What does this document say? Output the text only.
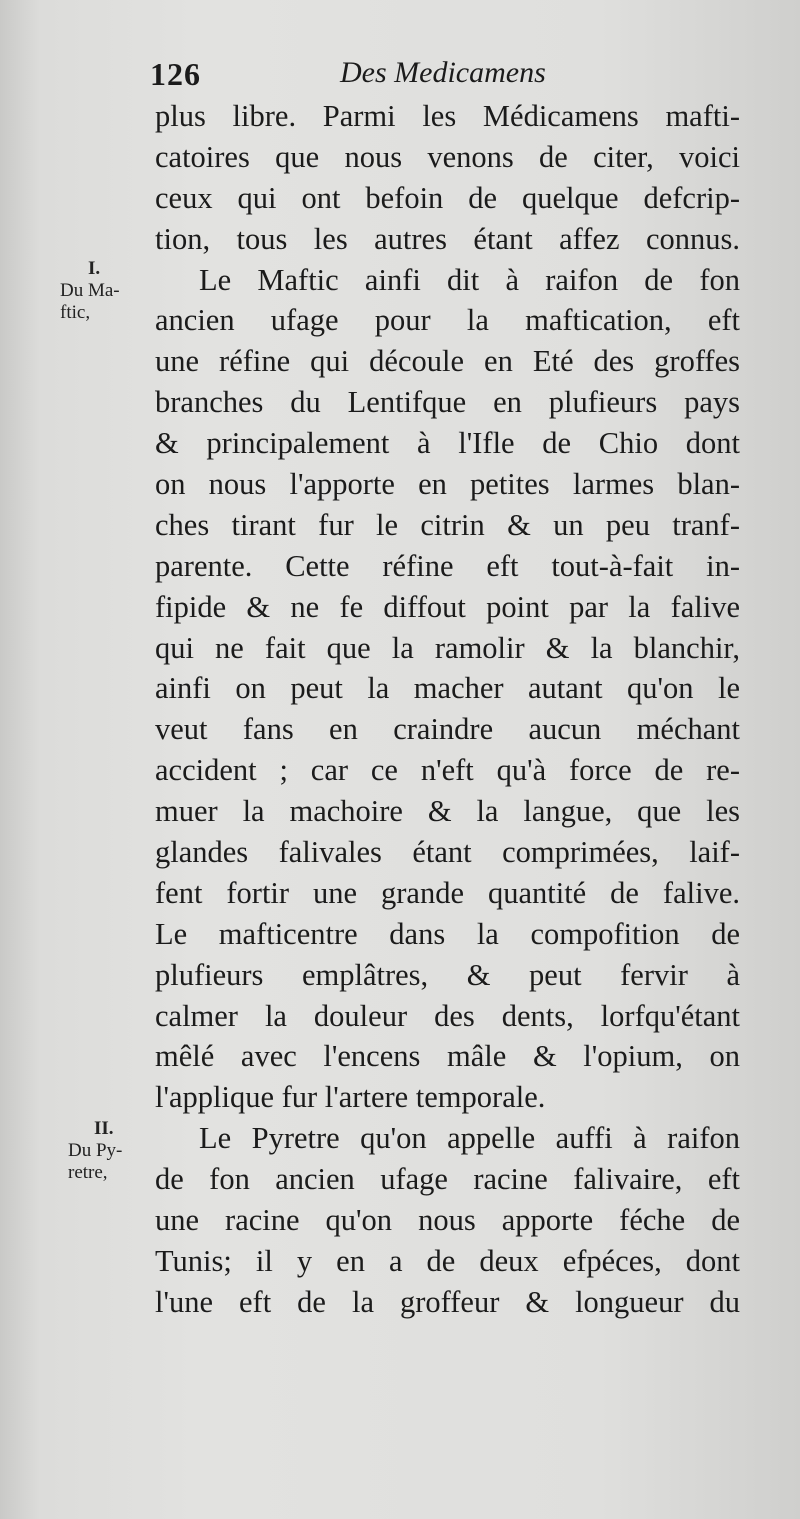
126	Des Medicamens
I.
Du Ma-
ftic,
II.
Du Py-
retre,
plus libre. Parmi les Médicamens mafti-
catoires que nous venons de citer, voici
ceux qui ont befoin de quelque defcrip-
tion, tous les autres étant affez connus.
Le Maftic ainfi dit à raifon de fon
ancien ufage pour la maftication, eft
une réfine qui découle en Eté des groffes
branches du Lentifque en plufieurs pays
& principalement à l'Ifle de Chio dont
on nous l'apporte en petites larmes blan-
ches tirant fur le citrin & un peu tranf-
parente. Cette réfine eft tout-à-fait in-
fipide & ne fe diffout point par la falive
qui ne fait que la ramolir & la blanchir,
ainfi on peut la macher autant qu'on le
veut fans en craindre aucun méchant
accident ; car ce n'eft qu'à force de re-
muer la machoire & la langue, que les
glandes falivales étant comprimées, laif-
fent fortir une grande quantité de falive.
Le mafticentre dans la compofition de
plufieurs emplâtres, & peut fervir à
calmer la douleur des dents, lorfqu'étant
mêlé avec l'encens mâle & l'opium, on
l'applique fur l'artere temporale.
Le Pyretre qu'on appelle auffi à raifon
de fon ancien ufage racine falivaire, eft
une racine qu'on nous apporte féche de
Tunis; il y en a de deux efpéces, dont
l'une eft de la groffeur & longueur du
